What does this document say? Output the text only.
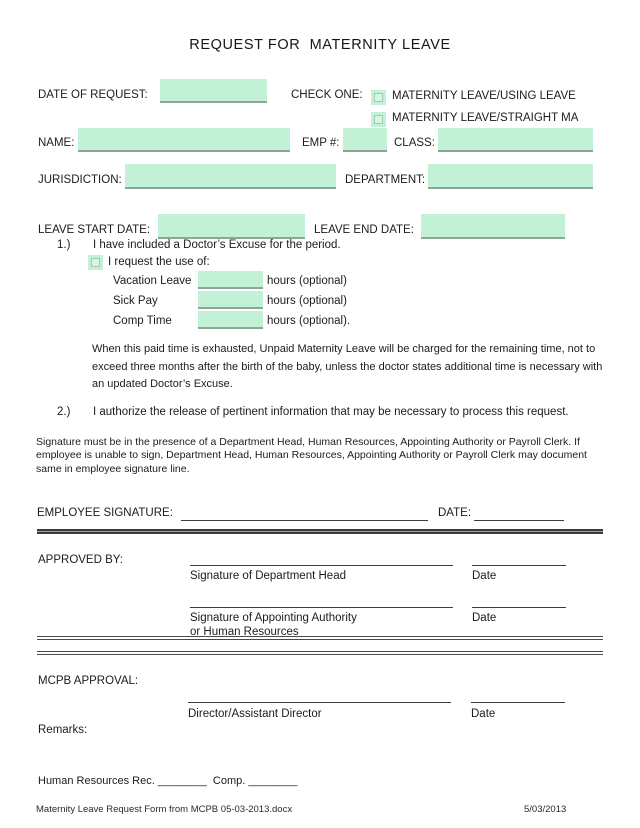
REQUEST FOR  MATERNITY LEAVE
DATE OF REQUEST:	CHECK ONE:	MATERNITY LEAVE/USING LEAVE
MATERNITY LEAVE/STRAIGHT MA
NAME:	EMP #:	CLASS:
JURISDICTION:	DEPARTMENT:
LEAVE START DATE:	LEAVE END DATE:
1.) I have included a Doctor’s Excuse for the period.
I request the use of:
Vacation Leave	hours (optional)
Sick Pay	hours (optional)
Comp Time	hours (optional).
When this paid time is exhausted, Unpaid Maternity Leave will be charged for the remaining time, not to exceed three months after the birth of the baby, unless the doctor states additional time is necessary with an updated Doctor’s Excuse.
2.) I authorize the release of pertinent information that may be necessary to process this request.
Signature must be in the presence of a Department Head, Human Resources, Appointing Authority or Payroll Clerk. If employee is unable to sign, Department Head, Human Resources, Appointing Authority or Payroll Clerk may document same in employee signature line.
EMPLOYEE SIGNATURE:	DATE:
APPROVED BY:
Signature of Department Head	Date
Signature of Appointing Authority
or Human Resources
Date
MCPB APPROVAL:
Director/Assistant Director	Date
Remarks:
Human Resources Rec. ________ Comp. ________
Maternity Leave Request Form from MCPB 05-03-2013.docx	5/03/2013
